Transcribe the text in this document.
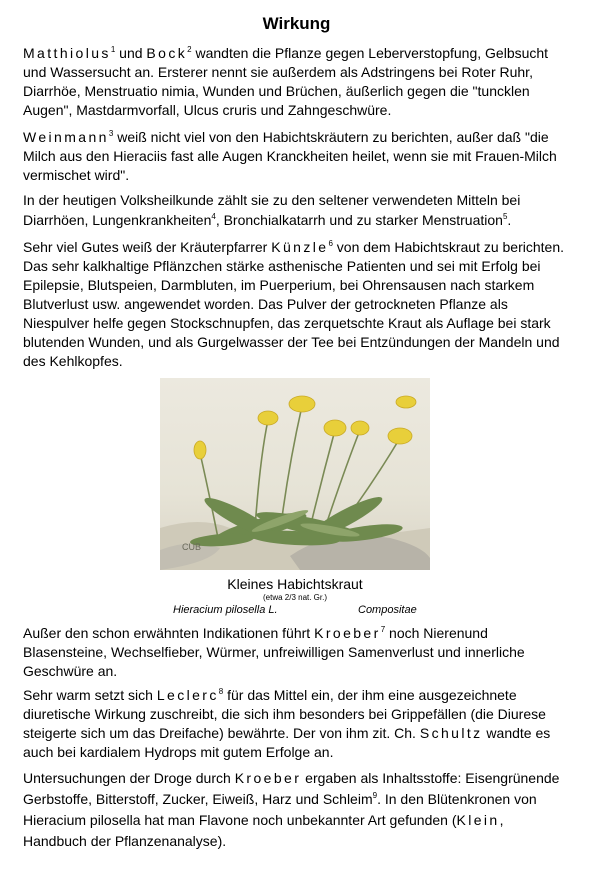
Wirkung

Matthiolus$^1$ und Bock$^2$ wandten die Pflanze gegen Leberverstopfung, Gelbsucht und Wassersucht an. Ersterer nennt sie außerdem als Adstringens bei Roter Ruhr, Diarrhöe, Menstruatio nimia, Wunden und Brüchen, äußerlich gegen die "tuncklen Augen", Mastdarmvorfall, Ulcus cruris und Zahngeschwüre.

Weinmann$^3$ weiß nicht viel von den Habichtskräutern zu berichten, außer daß "die Milch aus den Hieraciis fast alle Augen Kranckheiten heilet, wenn sie mit Frauen-Milch vermischet wird".

In der heutigen Volksheilkunde zählt sie zu den seltener verwendeten Mitteln bei Diarrhöen, Lungenkrankheiten$^4$, Bronchialkatarrh und zu starker Menstruation$^5$.

Sehr viel Gutes weiß der Kräuterpfarrer Künzle$^6$ von dem Habichtskraut zu berichten. Das sehr kalkhaltige Pflänzchen stärke asthenische Patienten und sei mit Erfolg bei Epilepsie, Blutspeien, Darmbluten, im Puerperium, bei Ohrensausen nach starkem Blutverlust usw. angewendet worden. Das Pulver der getrockneten Pflanze als Niespulver helfe gegen Stockschnupfen, das zerquetschte Kraut als Auflage bei stark blutenden Wunden, und als Gurgelwasser der Tee bei Entzündungen der Mandeln und des Kehlkopfes.

CUB

Kleines Habichtskraut

(etwa 2/3 nat. Gr.)

Hieracium pilosella L.	Compositae

Außer den schon erwähnten Indikationen führt Kroeber$^7$ noch Nierenund Blasensteine, Wechselfieber, Würmer, unfreiwilligen Samenverlust und innerliche Geschwüre an.

Sehr warm setzt sich Leclerc$^8$ für das Mittel ein, der ihm eine ausgezeichnete diuretische Wirkung zuschreibt, die sich ihm besonders bei Grippefällen (die Diurese steigerte sich um das Dreifache) bewährte. Der von ihm zit. Ch. Schultz wandte es auch bei kardialem Hydrops mit gutem Erfolge an.

Untersuchungen der Droge durch Kroeber ergaben als Inhaltsstoffe: Eisengrünende Gerbstoffe, Bitterstoff, Zucker, Eiweiß, Harz und Schleim$^9$. In den Blütenkronen von Hieracium pilosella hat man Flavone noch unbekannter Art gefunden (Klein, Handbuch der Pflanzenanalyse).
